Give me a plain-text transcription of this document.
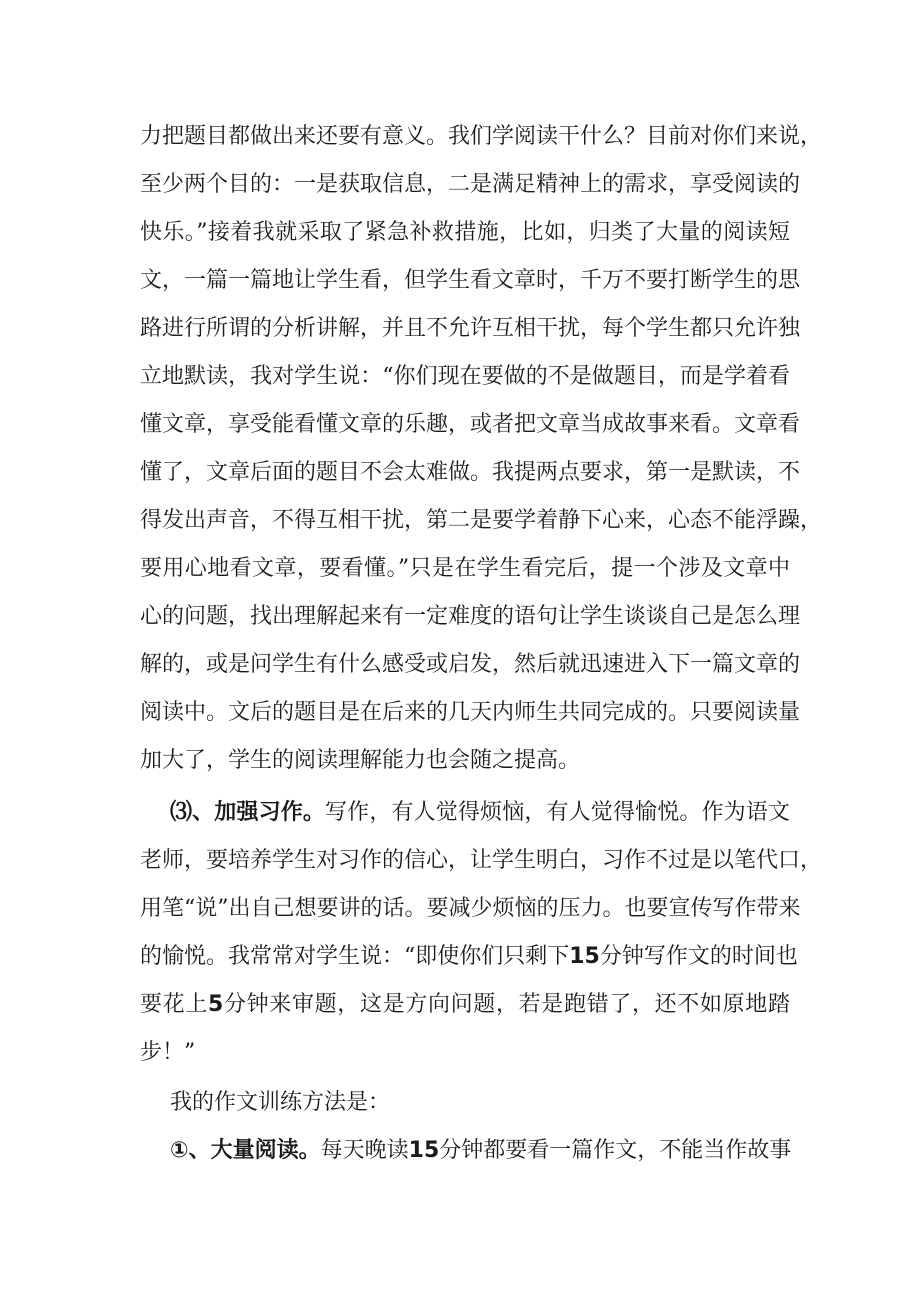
力把题目都做出来还要有意义。我们学阅读干什么？目前对你们来说，
至少两个目的：一是获取信息，二是满足精神上的需求，享受阅读的
快乐。”接着我就采取了紧急补救措施，比如，归类了大量的阅读短
文，一篇一篇地让学生看，但学生看文章时，千万不要打断学生的思
路进行所谓的分析讲解，并且不允许互相干扰，每个学生都只允许独
立地默读，我对学生说：“你们现在要做的不是做题目，而是学着看
懂文章，享受能看懂文章的乐趣，或者把文章当成故事来看。文章看
懂了，文章后面的题目不会太难做。我提两点要求，第一是默读，不
得发出声音，不得互相干扰，第二是要学着静下心来，心态不能浮躁，
要用心地看文章，要看懂。”只是在学生看完后，提一个涉及文章中
心的问题，找出理解起来有一定难度的语句让学生谈谈自己是怎么理
解的，或是问学生有什么感受或启发，然后就迅速进入下一篇文章的
阅读中。文后的题目是在后来的几天内师生共同完成的。只要阅读量
加大了，学生的阅读理解能力也会随之提高。
⑶、加强习作。写作，有人觉得烦恼，有人觉得愉悦。作为语文
老师，要培养学生对习作的信心，让学生明白，习作不过是以笔代口，
用笔“说”出自己想要讲的话。要减少烦恼的压力。也要宣传写作带来
的愉悦。我常常对学生说：“即使你们只剩下15分钟写作文的时间也
要花上5分钟来审题，这是方向问题，若是跑错了，还不如原地踏
步！”
我的作文训练方法是：
①、大量阅读。每天晚读15分钟都要看一篇作文，不能当作故事
